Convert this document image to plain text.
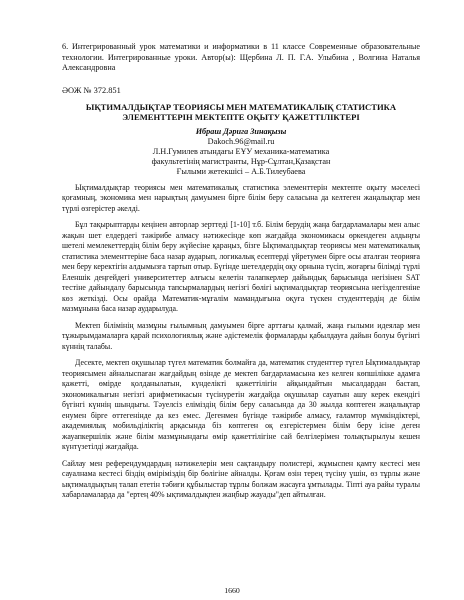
6. Интегрированный урок математики и информатики в 11 классе Современные образовательные технологии. Интегрированные уроки. Автор(ы): Щербина Л. П. Г.А. Улыбина , Волгина Наталья Александровна

ӘОЖ № 372.851

ЫҚТИМАЛДЫҚТАР ТЕОРИЯСЫ МЕН МАТЕМАТИКАЛЫҚ СТАТИСТИКА
ЭЛЕМЕНТТЕРІН МЕКТЕПТЕ ОҚЫТУ ҚАЖЕТТІЛІКТЕРІ
Ибраш Дәрига Зинақызы
Dakoch.96@mail.ru
Л.Н.Гумилев атындағы ЕҰУ механика-математика
факультетінің магистранты, Нұр-Сұлтан,Қазақстан
Ғылыми жетекшісі – А.Б.Тилеубаева

Ықтималдықтар теориясы мен математикалық статистика элементтерін мектепте оқыту мәселесі қоғамның, экономика мен нарықтың дамуымен бірге білім беру саласына да келтеген жаңалықтар мен түрлі өзгерістер әкелді.

Бұл тақырыптарды кеңінен авторлар зерттеді [1-10] т.б. Білім берудің жаңа бағдарламалары мен алыс жақын шет елдердегі тәжірибе алмасу нәтижесінде көп жағдайда экономикасы өркендеген алдыңғы шетелі мемлекеттердің білім беру жүйесіне қараңыз, бізге Ықтималдықтар теориясы мен математикалық статистика элементтеріне баса назар аударып, логикалық есептерді үйретумен бірге осы аталған теорияға мен беру керектігін алдымызға тартып отыр. Бүгінде шетелдердің оқу орнына түсіп, жоғарғы білімді түрлі Еленшік деңгейдегі университеттер алғысы келетін талапкерлер дайындық барысында негізінен SAT тестіне дайындалу барысында тапсырмалардың негізгі бөлігі ықтималдықтар теориясына негізделгеніне көз жеткізді. Осы орайда Математик-мұғалім мамандығына оқуға түскен студенттердің де білім мазмұнына баса назар аударылуда.

Мектеп білімінің мазмұны ғылымның дамуымен бірге арттағы қалмай, жаңа ғылыми идеялар мен тұжырымдамаларға қарай психологиялық және әдістемелік формаларды қабылдауға дайын болуы бүгінгі күннің талабы.

Десекте, мектеп оқушылар түгел математик болмайға да, математик студенттер түгел Ықтималдықтар теориясымен айналыспаған жағдайдың өзінде де мектеп бағдарламасына кез келген көпшілікке адамға қажетті, өмірде қолданылатын, күнделікті қажеттілігін айқындайтын мысалдардан бастап, экономикалығын негізгі арифметикасын түсінуретін жағдайда оқушылар сауатын ашу керек екендігі бүгінгі күннің шындығы. Тәуелсіз еліміздің білім беру саласында да 30 жылда көптеген жаңалықтар енумен бірге өттегенінде да кез емес. Дегенмен бүгінде тәжірибе алмасу, ғаламтор мүмкіндіктері, академиялық мобильділіктің арқасында біз көптеген оқ езгерістермен білім беру ісіне деген жауапкершілік және білім мазмұнындағы өмір қажеттілігіне сай белгілерімен толықтырылуы кешен күнтүзетілді жағдайда.

Сайлау мен референдумдардың нәтижелерін мен сақтандыру полистері, жұмыспен қамту кестесі мен сауалнама кестесі біздің өміріміздің бір бөлігіне айналды. Қоғам өзін терең түсіну үшін, өз тұрлы және ықтималдықтың талап ететін тәбиғи құбылыстар тұрлы болжам жасауға ұмтылады. Тіпті ауа райы туралы хабарламаларда да "ертең 40% ықтималдықпен жаңбыр жауады"деп айтылған.

1660
